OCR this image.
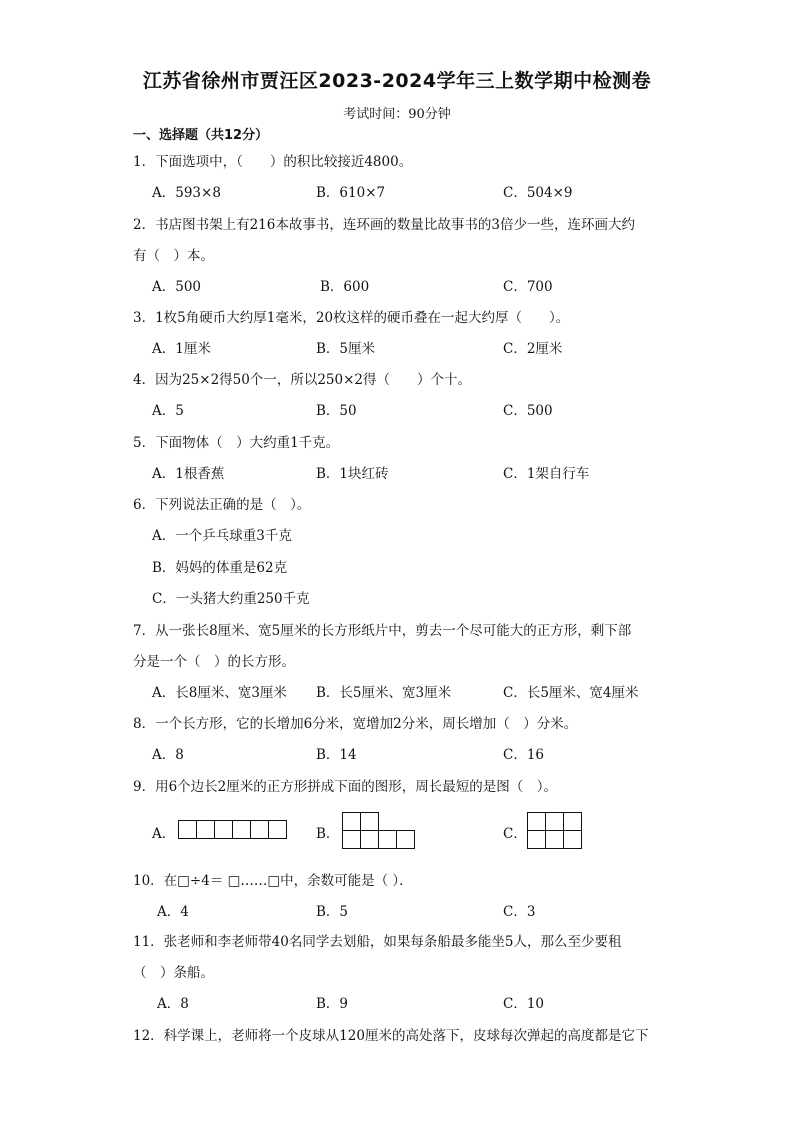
江苏省徐州市贾汪区2023-2024学年三上数学期中检测卷
考试时间：90分钟
一、选择题（共12分）
1．下面选项中，（　　）的积比较接近4800。
A．593×8	B．610×7	C．504×9
2．书店图书架上有216本故事书，连环画的数量比故事书的3倍少一些，连环画大约
有（　）本。
A．500	B．600	C．700
3．1枚5角硬币大约厚1毫米，20枚这样的硬币叠在一起大约厚（　　）。
A．1厘米	B．5厘米	C．2厘米
4．因为25×2得50个一，所以250×2得（　　）个十。
A．5	B．50	C．500
5．下面物体（　）大约重1千克。
A．1根香蕉	B．1块红砖	C．1架自行车
6．下列说法正确的是（　）。
A．一个乒乓球重3千克
B．妈妈的体重是62克
C．一头猪大约重250千克
7．从一张长8厘米、宽5厘米的长方形纸片中，剪去一个尽可能大的正方形，剩下部
分是一个（　）的长方形。
A．长8厘米、宽3厘米 B．长5厘米、宽3厘米	C．长5厘米、宽4厘米
8．一个长方形，它的长增加6分米，宽增加2分米，周长增加（　）分米。
A．8	B．14	C．16
9．用6个边长2厘米的正方形拼成下面的图形，周长最短的是图（　）。
A．	B．	C．
10．在□÷4＝ □……□中，余数可能是（ ）．
A．4	B．5	C．3
11．张老师和李老师带40名同学去划船，如果每条船最多能坐5人，那么至少要租
（　）条船。
A．8	B．9	C．10
12．科学课上，老师将一个皮球从120厘米的高处落下，皮球每次弹起的高度都是它下
